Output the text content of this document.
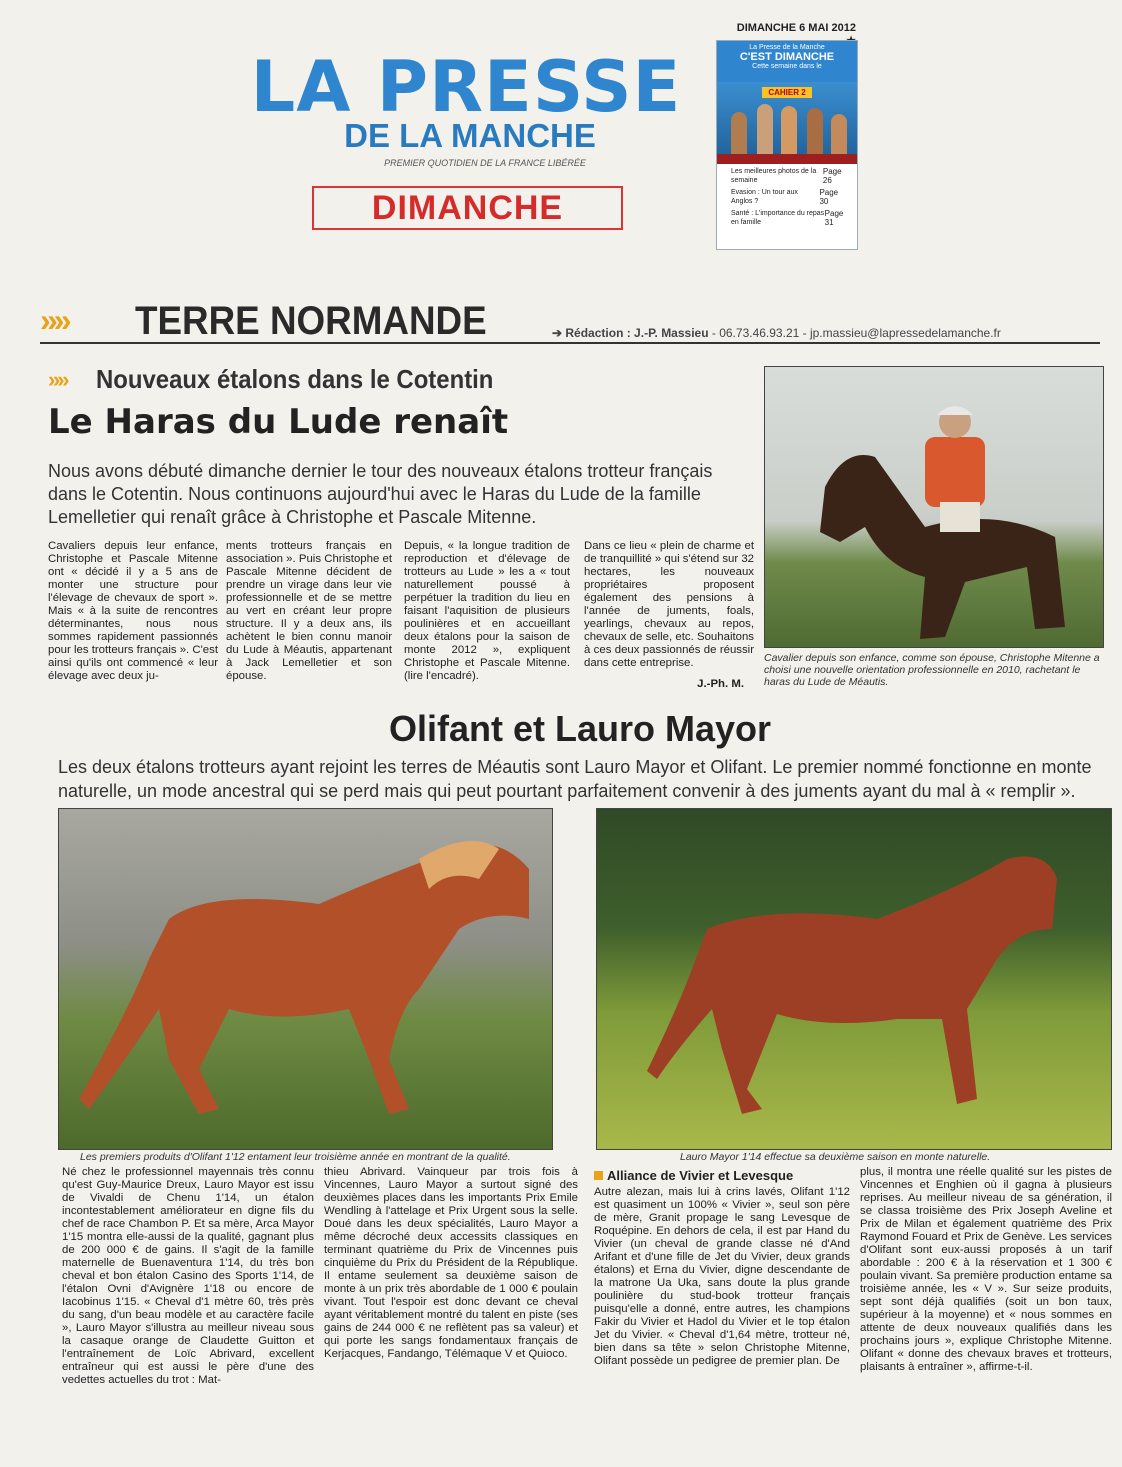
LA PRESSE
DE LA MANCHE
PREMIER QUOTIDIEN DE LA FRANCE LIBÉRÉE
DIMANCHE
DIMANCHE 6 MAI 2012
La Presse de la Manche
C'EST DIMANCHE
Cette semaine dans le
CAHIER 2
Les meilleures photos de la semaine
Page 26
Evasion : Un tour aux Anglos ?
Page 30
Santé : L'importance du repas en famille
Page 31
»» TERRE NORMANDE	➔ Rédaction : J.-P. Massieu - 06.73.46.93.21 - jp.massieu@lapressedelamanche.fr
»» Nouveaux étalons dans le Cotentin
Le Haras du Lude renaît
Nous avons débuté dimanche dernier le tour des nouveaux étalons trotteur français dans le Cotentin. Nous continuons aujourd'hui avec le Haras du Lude de la famille Lemelletier qui renaît grâce à Christophe et Pascale Mitenne.
Cavaliers depuis leur enfance, Christophe et Pascale Mitenne ont « décidé il y a 5 ans de monter une structure pour l'élevage de chevaux de sport ». Mais « à la suite de rencontres déterminantes, nous nous sommes rapidement passionnés pour les trotteurs français ». C'est ainsi qu'ils ont commencé « leur élevage avec deux ju-
ments trotteurs français en association ». Puis Christophe et Pascale Mitenne décident de prendre un virage dans leur vie professionnelle et de se mettre au vert en créant leur propre structure. Il y a deux ans, ils achètent le bien connu manoir du Lude à Méautis, appartenant à Jack Lemelletier et son épouse.
Depuis, « la longue tradition de reproduction et d'élevage de trotteurs au Lude » les a « tout naturellement poussé à perpétuer la tradition du lieu en faisant l'aquisition de plusieurs poulinières et en accueillant deux étalons pour la saison de monte 2012 », expliquent Christophe et Pascale Mitenne. (lire l'encadré).
Dans ce lieu « plein de charme et de tranquillité » qui s'étend sur 32 hectares, les nouveaux propriétaires proposent également des pensions à l'année de juments, foals, yearlings, chevaux au repos, chevaux de selle, etc. Souhaitons à ces deux passionnés de réussir dans cette entreprise.
J.-Ph. M.
Cavalier depuis son enfance, comme son épouse, Christophe Mitenne a choisi une nouvelle orientation professionnelle en 2010, rachetant le haras du Lude de Méautis.
Olifant et Lauro Mayor
Les deux étalons trotteurs ayant rejoint les terres de Méautis sont Lauro Mayor et Olifant. Le premier nommé fonctionne en monte naturelle, un mode ancestral qui se perd mais qui peut pourtant parfaitement convenir à des juments ayant du mal à « remplir ».
Les premiers produits d'Olifant 1'12 entament leur troisième année en montrant de la qualité.	Lauro Mayor 1'14 effectue sa deuxième saison en monte naturelle.
Né chez le professionnel mayennais très connu qu'est Guy-Maurice Dreux, Lauro Mayor est issu de Vivaldi de Chenu 1'14, un étalon incontestablement améliorateur en digne fils du chef de race Chambon P. Et sa mère, Arca Mayor 1'15 montra elle-aussi de la qualité, gagnant plus de 200 000 € de gains. Il s'agit de la famille maternelle de Buenaventura 1'14, du très bon cheval et bon étalon Casino des Sports 1'14, de l'étalon Ovni d'Avignère 1'18 ou encore de Iacobinus 1'15. « Cheval d'1 mètre 60, très près du sang, d'un beau modèle et au caractère facile », Lauro Mayor s'illustra au meilleur niveau sous la casaque orange de Claudette Guitton et l'entraînement de Loïc Abrivard, excellent entraîneur qui est aussi le père d'une des vedettes actuelles du trot : Mat-
thieu Abrivard. Vainqueur par trois fois à Vincennes, Lauro Mayor a surtout signé des deuxièmes places dans les importants Prix Emile Wendling à l'attelage et Prix Urgent sous la selle. Doué dans les deux spécialités, Lauro Mayor a même décroché deux accessits classiques en terminant quatrième du Prix de Vincennes puis cinquième du Prix du Président de la République. Il entame seulement sa deuxième saison de monte à un prix très abordable de 1 000 € poulain vivant. Tout l'espoir est donc devant ce cheval ayant véritablement montré du talent en piste (ses gains de 244 000 € ne reflètent pas sa valeur) et qui porte les sangs fondamentaux français de Kerjacques, Fandango, Télémaque V et Quioco.
Alliance de Vivier et Levesque
Autre alezan, mais lui à crins lavés, Olifant 1'12 est quasiment un 100% « Vivier », seul son père de mère, Granit propage le sang Levesque de Roquépine. En dehors de cela, il est par Hand du Vivier (un cheval de grande classe né d'And Arifant et d'une fille de Jet du Vivier, deux grands étalons) et Erna du Vivier, digne descendante de la matrone Ua Uka, sans doute la plus grande poulinière du stud-book trotteur français puisqu'elle a donné, entre autres, les champions Fakir du Vivier et Hadol du Vivier et le top étalon Jet du Vivier. « Cheval d'1,64 mètre, trotteur né, bien dans sa tête » selon Christophe Mitenne, Olifant possède un pedigree de premier plan. De
plus, il montra une réelle qualité sur les pistes de Vincennes et Enghien où il gagna à plusieurs reprises. Au meilleur niveau de sa génération, il se classa troisième des Prix Joseph Aveline et Prix de Milan et également quatrième des Prix Raymond Fouard et Prix de Genève. Les services d'Olifant sont eux-aussi proposés à un tarif abordable : 200 € à la réservation et 1 300 € poulain vivant. Sa première production entame sa troisième année, les « V ». Sur seize produits, sept sont déjà qualifiés (soit un bon taux, supérieur à la moyenne) et « nous sommes en attente de deux nouveaux qualifiés dans les prochains jours », explique Christophe Mitenne. Olifant « donne des chevaux braves et trotteurs, plaisants à entraîner », affirme-t-il.
